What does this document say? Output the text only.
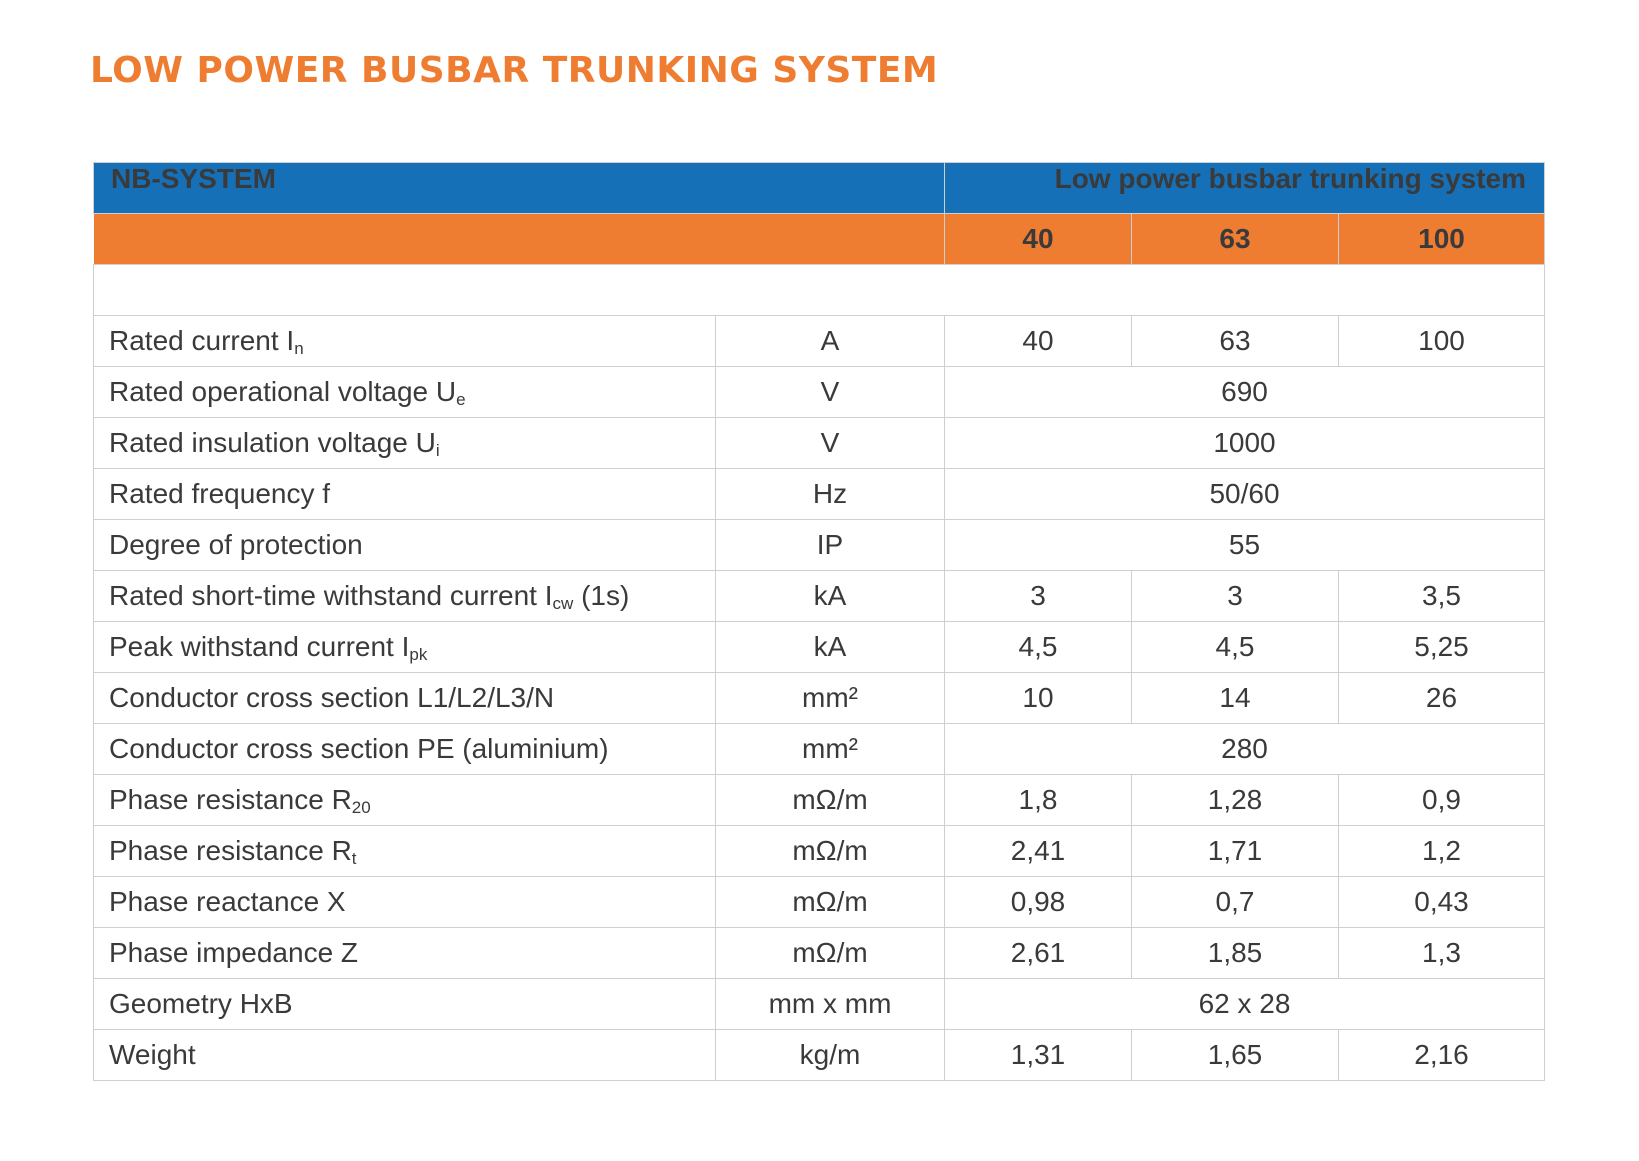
LOW POWER BUSBAR TRUNKING SYSTEM
NB-SYSTEM		Low power busbar trunking system		
		40	63	100

Rated current $I_n$	A	40	63	100
Rated operational voltage $U_e$	V	690		
Rated insulation voltage $U_i$	V	1000		
Rated frequency f	Hz	50/60		
Degree of protection	IP	55		
Rated short-time withstand current $I_{cw}$ (1s)	kA	3	3	3,5
Peak withstand current $I_{pk}$	kA	4,5	4,5	5,25
Conductor cross section L1/L2/L3/N	mm²	10	14	26
Conductor cross section PE (aluminium)	mm²	280		
Phase resistance $R_{20}$	mΩ/m	1,8	1,28	0,9
Phase resistance $R_t$	mΩ/m	2,41	1,71	1,2
Phase reactance X	mΩ/m	0,98	0,7	0,43
Phase impedance Z	mΩ/m	2,61	1,85	1,3
Geometry HxB	mm x mm	62 x 28		
Weight	kg/m	1,31	1,65	2,16
